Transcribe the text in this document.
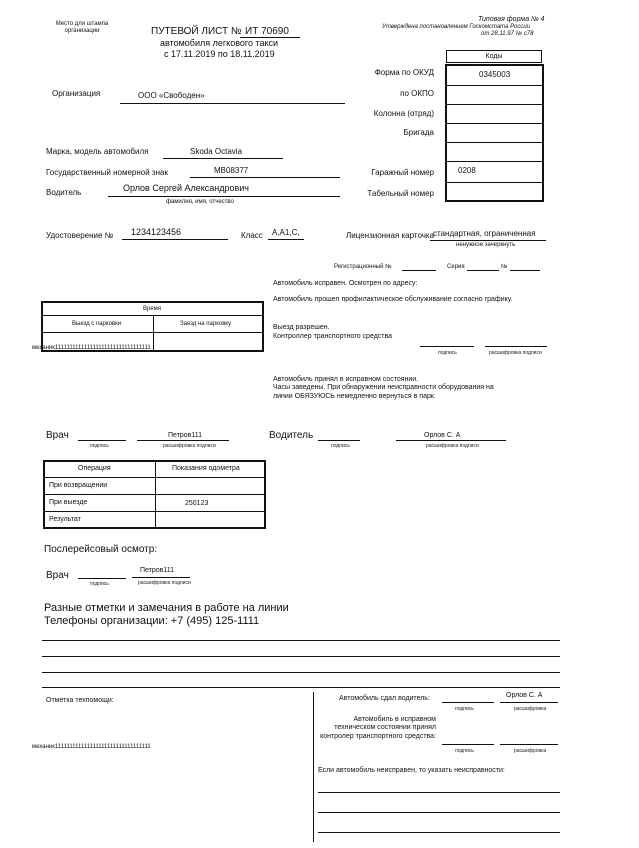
Место для штампа организации	ПУТЕВОЙ ЛИСТ № ИТ 70690
автомобиля легкового такси
с 17.11.2019 по 18.11.2019
Типовая форма № 4
Утверждена постановлением Госкомстата России
от 28.11.97 № с78
Коды
Форма по ОКУД	0345003
по ОКПО
Колонна (отряд)
Бригада
Гаражный номер	0208
Табельный номер
Организация	ООО «Свободен»
Марка, модель автомобиля	Skoda Octavia
Государственный номерной знак	МВ08377
Водитель	Орлов Сергей Александрович
фамилия, имя, отчество
Удостоверение № 1234123456	Класс A,A1,C,	Лицензионная карточка
стандартная, ограниченная
ненужное зачеркнуть
Регистрационный №	Серия	№
Время
Выезд с парковки	Заезд на парковку
механик111111111111111111111111111111111
Автомобиль исправен. Осмотрен по адресу:
Автомобиль прошел профилактическое обслуживание согласно графику.
Выезд разрешен.
Контроллер транспортного средства
подпись	расшифровка подписи
Автомобиль принял в исправном состоянии.
Часы заведены. При обнаружении неисправности оборудования на линии ОБЯЗУЮСЬ немедленно вернуться в парк.
Врач
подпись
Петров111
расшифровка подписи
Водитель
подпись
Орлов С. А
расшифровка подписи
Операция	Показания одометра
При возвращении
При выезде	250123
Результат
Послерейсовый осмотр:
Врач	Петров111
подпись	расшифровка подписи
Разные отметки и замечания в работе на линии
Телефоны организации: +7 (495) 125-1111
Отметка техпомощи:
механик111111111111111111111111111111111
Автомобиль сдал водитель:	Орлов С. А
подпись	расшифровка
Автомобиль в исправном техническом состоянии принял контролер транспортного средства:
подпись	расшифровка
Если автомобиль неисправен, то указать неисправности:
